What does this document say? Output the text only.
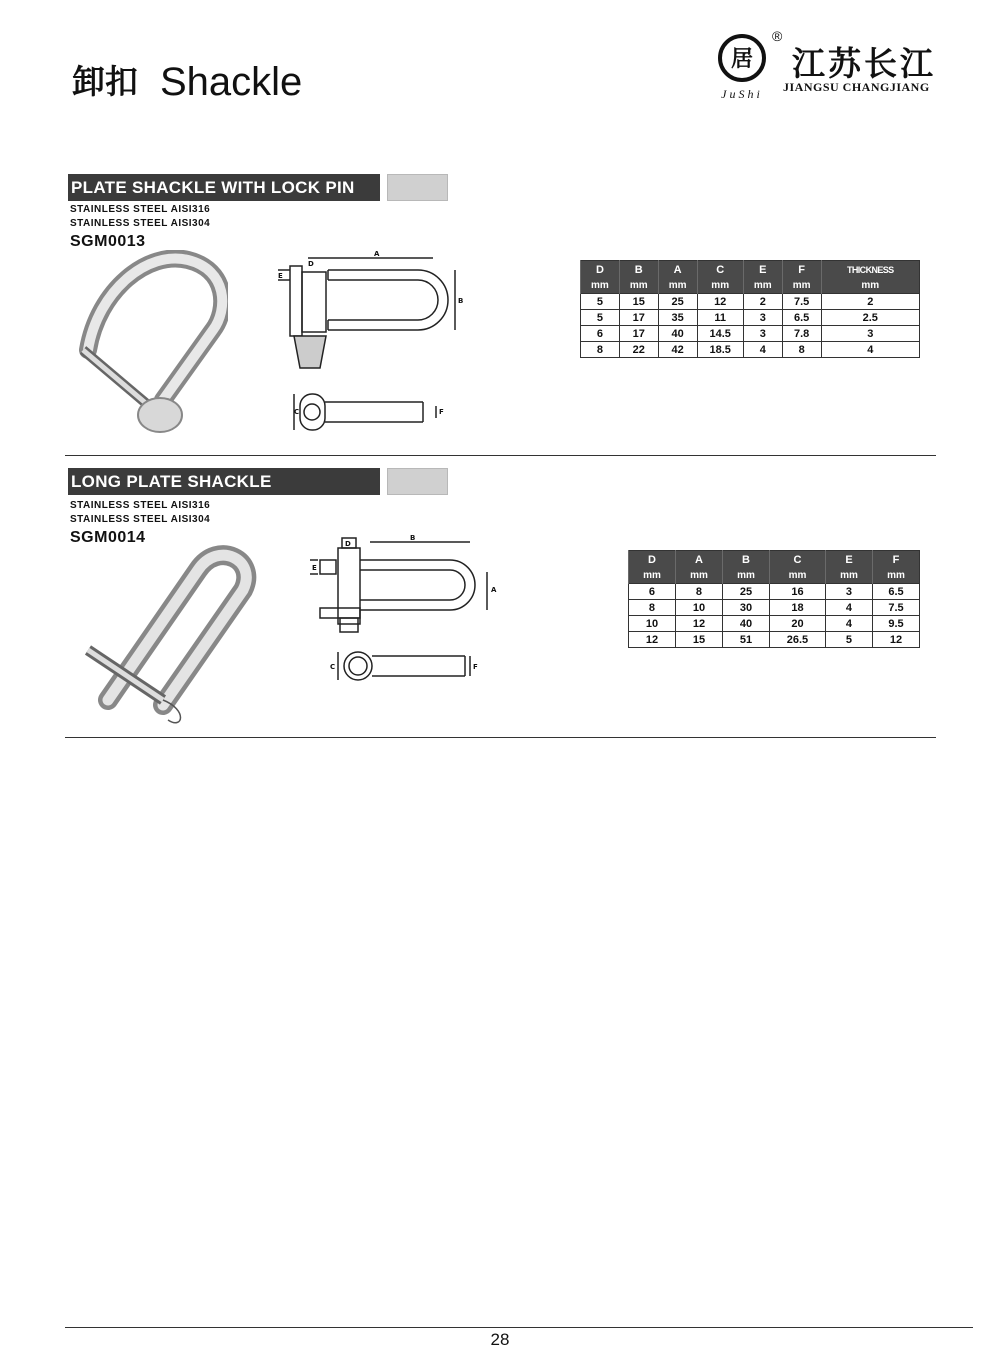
卸扣 Shackle
居
JuShi
®
江苏长江
JIANGSU CHANGJIANG
PLATE SHACKLE WITH LOCK PIN
STAINLESS STEEL AISI316
STAINLESS STEEL AISI304
SGM0013
A
B
D
E
C	F
D	B	A	C	E	F	THICKNESS
mm	mm	mm	mm	mm	mm	mm
5	15	25	12	2	7.5	2
5	17	35	11	3	6.5	2.5
6	17	40	14.5	3	7.8	3
8	22	42	18.5	4	8	4
LONG PLATE SHACKLE
STAINLESS STEEL AISI316
STAINLESS STEEL AISI304
SGM0014	D
B
A
E
C	F
D	A	B	C	E	F
mm	mm	mm	mm	mm	mm
6	8	25	16	3	6.5
8	10	30	18	4	7.5
10	12	40	20	4	9.5
12	15	51	26.5	5	12
28
